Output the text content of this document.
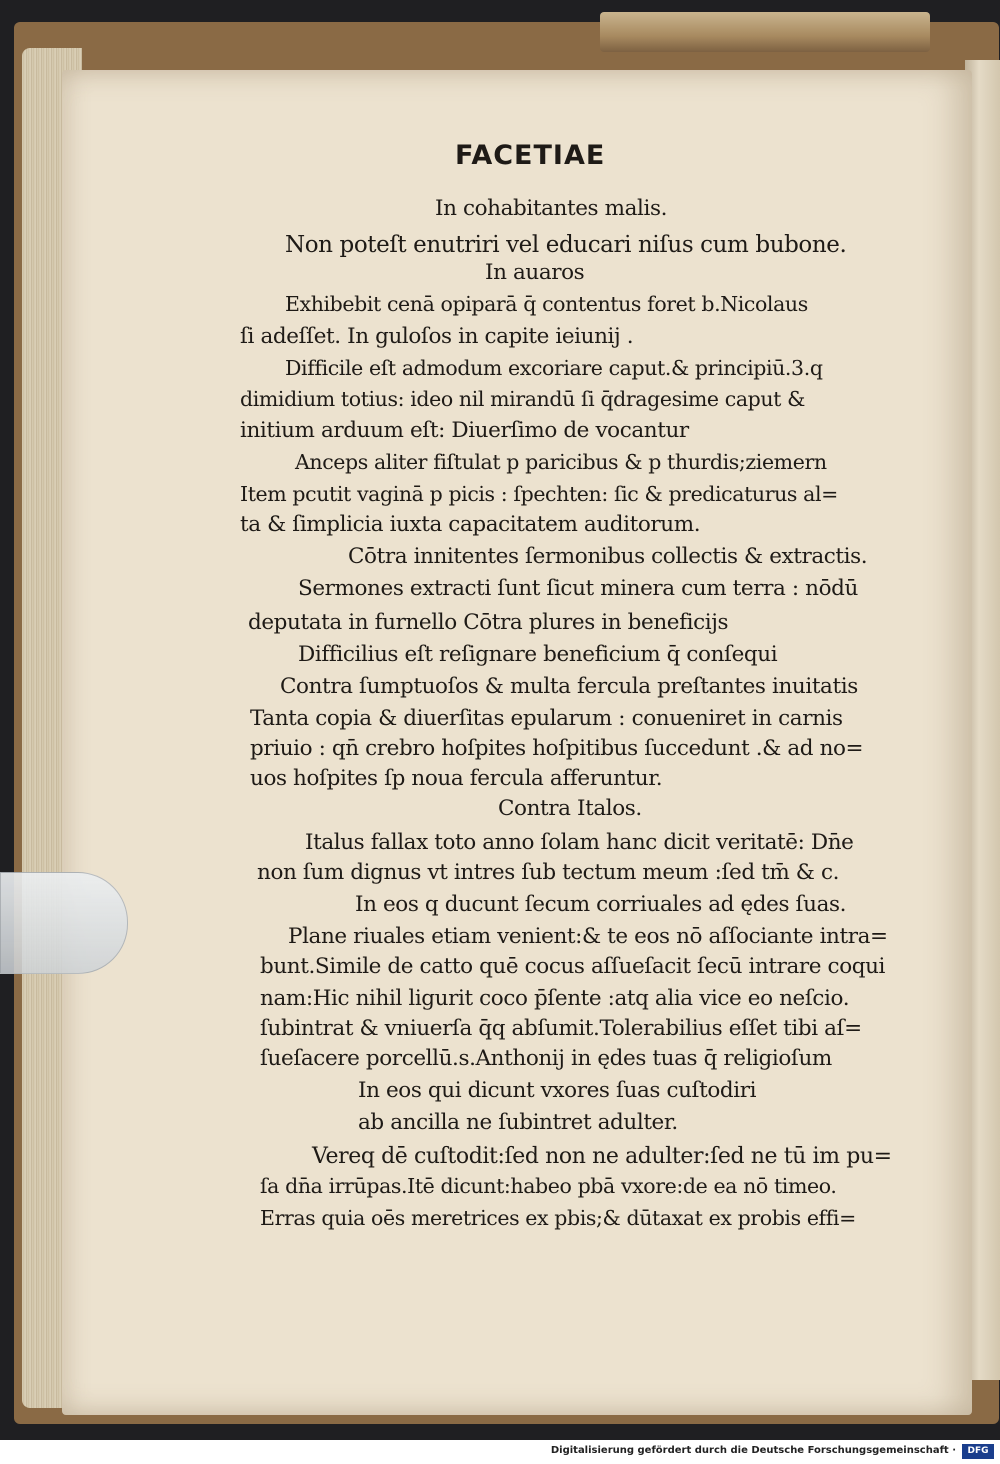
FACETIAE
In cohabitantes malis.
Non poteſt enutriri vel educari niſus cum bubone.
In auaros
Exhibebit cenā opiparā q̄ contentus foret b.Nicolaus
ſi adeſſet. In guloſos in capite ieiunij .
Difficile eſt admodum excoriare caput.& principiū.3.q
dimidium totius: ideo nil mirandū ſi q̄dragesime caput &
initium arduum eſt: Diuerſimo de vocantur
Anceps aliter fiſtulat p paricibus & p thurdis;ziemern
Item pcutit vaginā p picis : ſpechten: ſic & predicaturus al=
ta & ſimplicia iuxta capacitatem auditorum.
Cōtra innitentes ſermonibus collectis & extractis.
Sermones extracti ſunt ſicut minera cum terra : nōdū
deputata in furnello Cōtra plures in beneficijs
Difficilius eſt reſignare beneficium q̄ conſequi
Contra ſumptuoſos & multa fercula preſtantes inuitatis
Tanta copia & diuerſitas epularum : conueniret in carnis
priuio : qn̄ crebro hoſpites hoſpitibus ſuccedunt .& ad no=
uos hoſpites ſp noua fercula afferuntur.
Contra Italos.
Italus fallax toto anno ſolam hanc dicit veritatē: Dn̄e
non ſum dignus vt intres ſub tectum meum :ſed tm̄ & c.
In eos q ducunt ſecum corriuales ad ędes ſuas.
Plane riuales etiam venient:& te eos nō aſſociante intra=
bunt.Simile de catto quē cocus aſſueſacit ſecū intrare coqui
nam:Hic nihil ligurit coco p̄ſente :atq alia vice eo neſcio.
ſubintrat & vniuerſa q̄q abſumit.Tolerabilius eſſet tibi aſ=
ſueſacere porcellū.s.Anthonij in ędes tuas q̄ religioſum
In eos qui dicunt vxores ſuas cuſtodiri
ab ancilla ne ſubintret adulter.
Vereq dē cuſtodit:ſed non ne adulter:ſed ne tū im pu=
ſa dn̄a irrūpas.Itē dicunt:habeo pbā vxore:de ea nō timeo.
Erras quia oēs meretrices ex pbis;& dūtaxat ex probis effi=
Digitalisierung gefördert durch die Deutsche Forschungsgemeinschaft ·	DFG
